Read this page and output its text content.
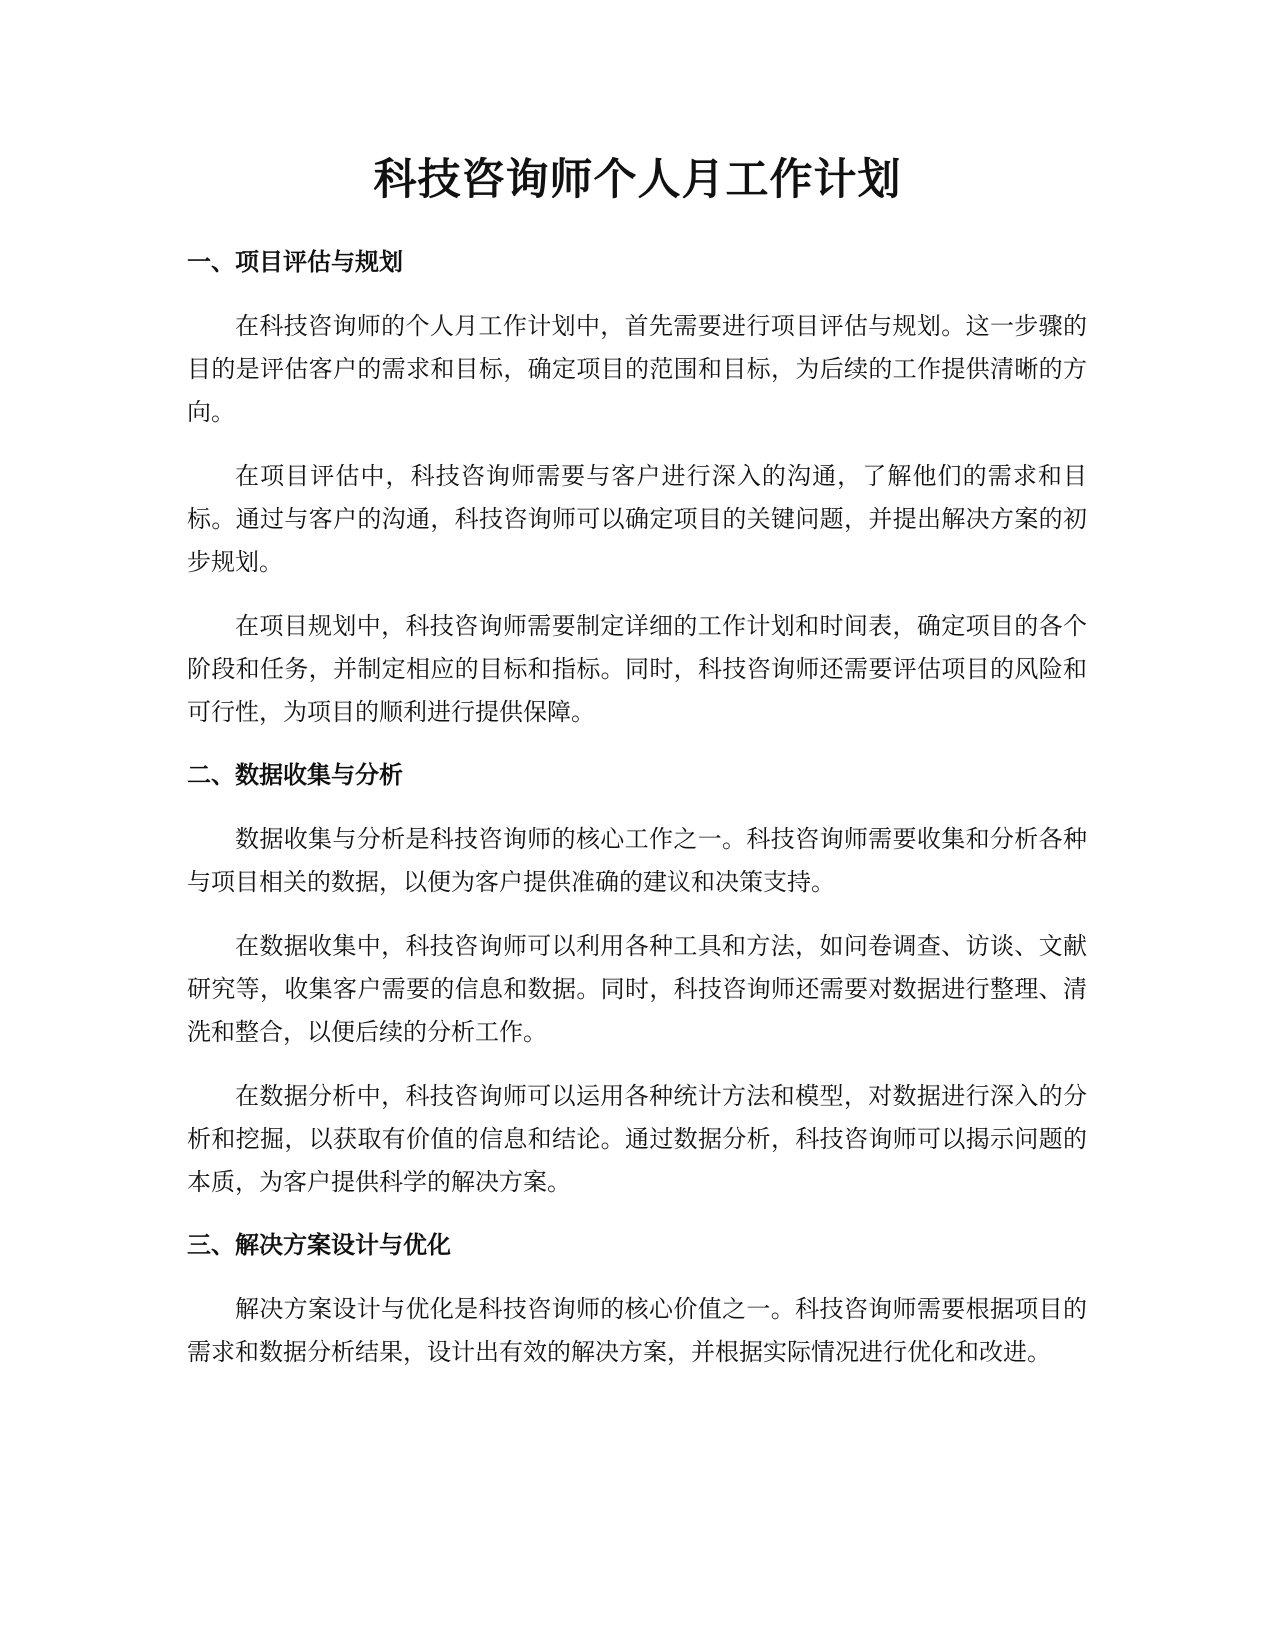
科技咨询师个人月工作计划
一、项目评估与规划

在科技咨询师的个人月工作计划中，首先需要进行项目评估与规划。这一步骤的目的是评估客户的需求和目标，确定项目的范围和目标，为后续的工作提供清晰的方向。

在项目评估中，科技咨询师需要与客户进行深入的沟通，了解他们的需求和目标。通过与客户的沟通，科技咨询师可以确定项目的关键问题，并提出解决方案的初步规划。

在项目规划中，科技咨询师需要制定详细的工作计划和时间表，确定项目的各个阶段和任务，并制定相应的目标和指标。同时，科技咨询师还需要评估项目的风险和可行性，为项目的顺利进行提供保障。

二、数据收集与分析

数据收集与分析是科技咨询师的核心工作之一。科技咨询师需要收集和分析各种与项目相关的数据，以便为客户提供准确的建议和决策支持。

在数据收集中，科技咨询师可以利用各种工具和方法，如问卷调查、访谈、文献研究等，收集客户需要的信息和数据。同时，科技咨询师还需要对数据进行整理、清洗和整合，以便后续的分析工作。

在数据分析中，科技咨询师可以运用各种统计方法和模型，对数据进行深入的分析和挖掘，以获取有价值的信息和结论。通过数据分析，科技咨询师可以揭示问题的本质，为客户提供科学的解决方案。

三、解决方案设计与优化

解决方案设计与优化是科技咨询师的核心价值之一。科技咨询师需要根据项目的需求和数据分析结果，设计出有效的解决方案，并根据实际情况进行优化和改进。
